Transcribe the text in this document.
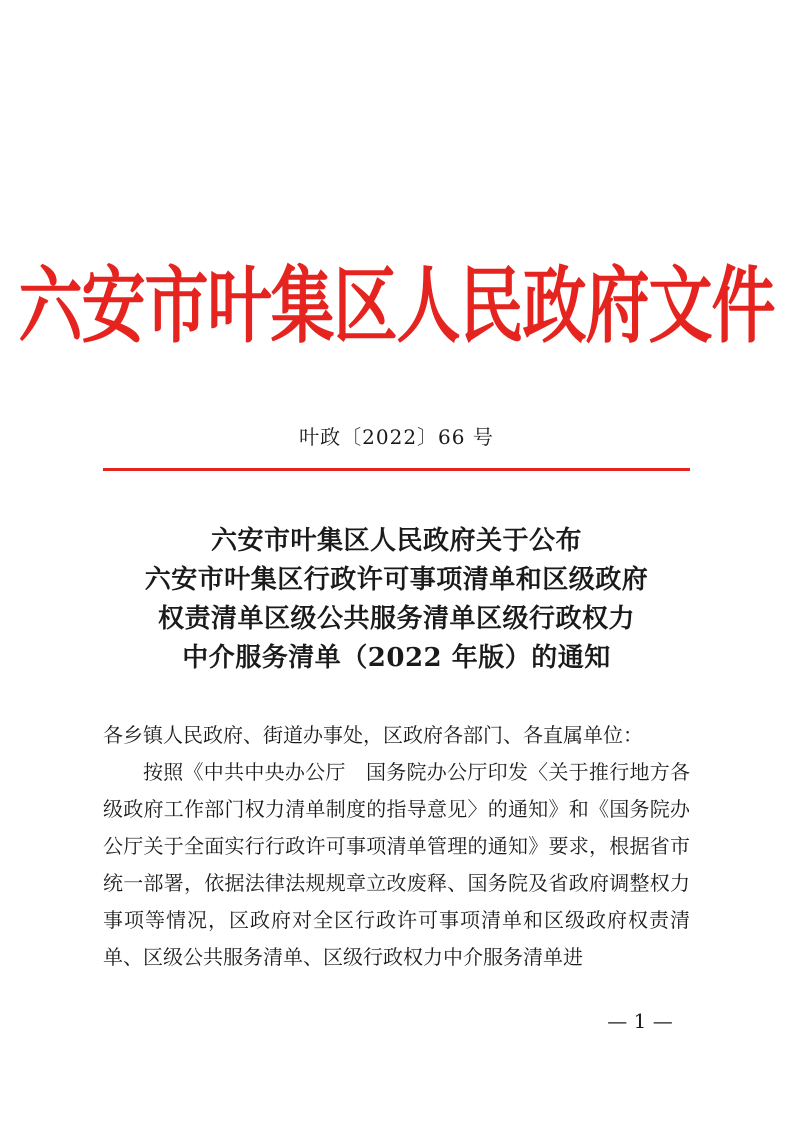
六安市叶集区人民政府文件
叶政〔2022〕66 号
六安市叶集区人民政府关于公布
六安市叶集区行政许可事项清单和区级政府
权责清单区级公共服务清单区级行政权力
中介服务清单（2022 年版）的通知

各乡镇人民政府、街道办事处，区政府各部门、各直属单位：

按照《中共中央办公厅　国务院办公厅印发〈关于推行地方各级政府工作部门权力清单制度的指导意见〉的通知》和《国务院办公厅关于全面实行行政许可事项清单管理的通知》要求，根据省市统一部署，依据法律法规规章立改废释、国务院及省政府调整权力事项等情况，区政府对全区行政许可事项清单和区级政府权责清单、区级公共服务清单、区级行政权力中介服务清单进

— 1 —
